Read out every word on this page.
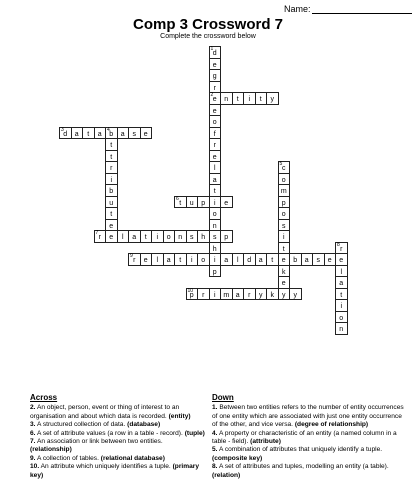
Name:
Comp 3 Crossword 7
Complete the crossword below
1
d
e
g
r
2
e
e
o
f
r
e
l
a
t
i
o
n
s
h
i
p
n	t	i	t	y
3
d	a	t	a
4
b	a	s	e
t
t
r
i
b
u
t
e
5
c
o
m
p
o
s
i
t
e
k
e
y
6
t	u	p	e
7
r	e	l	a	t	i	o	n	s	h	p
8
r
e
l
a
t
i
o
n
9
r	e	l	a	t	i	o	a	l	d	a	t	b	a	s	e
10
p	r	i	m a	r	y	k	y
Across

2. An object, person, event or thing of interest to an organisation and about which data is recorded. (entity)

3. A structured collection of data. (database)

6. A set of attribute values (a row in a table - record). (tuple)

7. An association or link between two entities. (relationship)

9. A collection of tables. (relational database)

10. An attribute which uniquely identifies a tuple. (primary key)

Down

1. Between two entities refers to the number of entity occurrences of one entity which are associated with just one entity occurrence of the other, and vice versa. (degree of relationship)

4. A property or characteristic of an entity (a named column in a table - field). (attribute)

5. A combination of attributes that uniquely identify a tuple. (composite key)

8. A set of attributes and tuples, modelling an entity (a table). (relation)
